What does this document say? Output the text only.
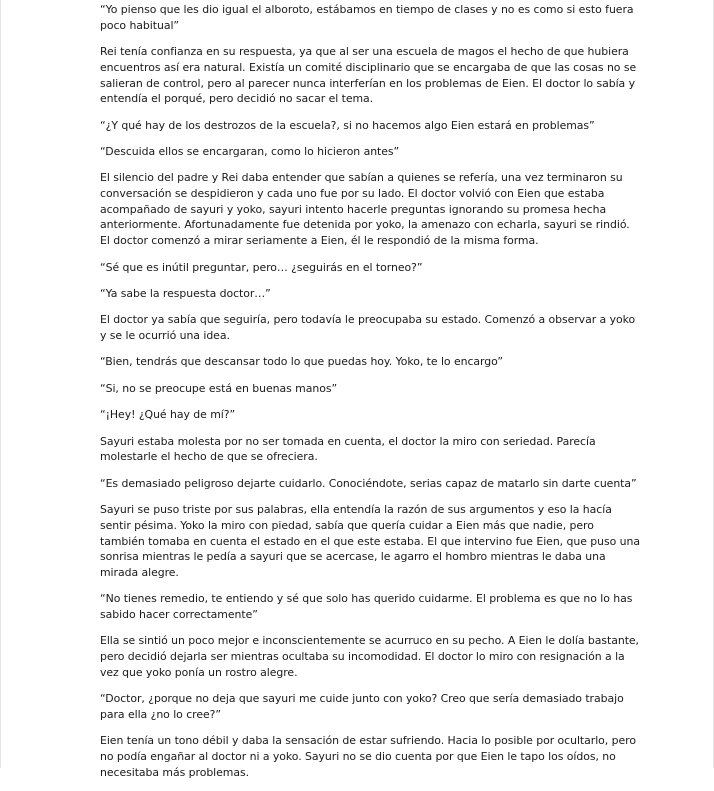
“Yo pienso que les dio igual el alboroto, estábamos en tiempo de clases y no es como si esto fuera poco habitual”

Rei tenía confianza en su respuesta, ya que al ser una escuela de magos el hecho de que hubiera encuentros así era natural. Existía un comité disciplinario que se encargaba de que las cosas no se salieran de control, pero al parecer nunca interferían en los problemas de Eien. El doctor lo sabía y entendía el porqué, pero decidió no sacar el tema.

“¿Y qué hay de los destrozos de la escuela?, si no hacemos algo Eien estará en problemas”

“Descuida ellos se encargaran, como lo hicieron antes”

El silencio del padre y Rei daba entender que sabían a quienes se refería, una vez terminaron su conversación se despidieron y cada uno fue por su lado. El doctor volvió con Eien que estaba acompañado de sayuri y yoko, sayuri intento hacerle preguntas ignorando su promesa hecha anteriormente. Afortunadamente fue detenida por yoko, la amenazo con echarla, sayuri se rindió. El doctor comenzó a mirar seriamente a Eien, él le respondió de la misma forma.

“Sé que es inútil preguntar, pero… ¿seguirás en el torneo?”

“Ya sabe la respuesta doctor…”

El doctor ya sabía que seguiría, pero todavía le preocupaba su estado. Comenzó a observar a yoko y se le ocurrió una idea.

“Bien, tendrás que descansar todo lo que puedas hoy. Yoko, te lo encargo”

“Si, no se preocupe está en buenas manos”

“¡Hey! ¿Qué hay de mí?”

Sayuri estaba molesta por no ser tomada en cuenta, el doctor la miro con seriedad. Parecía molestarle el hecho de que se ofreciera.

“Es demasiado peligroso dejarte cuidarlo. Conociéndote, serias capaz de matarlo sin darte cuenta”

Sayuri se puso triste por sus palabras, ella entendía la razón de sus argumentos y eso la hacía sentir pésima. Yoko la miro con piedad, sabía que quería cuidar a Eien más que nadie, pero también tomaba en cuenta el estado en el que este estaba. El que intervino fue Eien, que puso una sonrisa mientras le pedía a sayuri que se acercase, le agarro el hombro mientras le daba una mirada alegre.

“No tienes remedio, te entiendo y sé que solo has querido cuidarme. El problema es que no lo has sabido hacer correctamente”

Ella se sintió un poco mejor e inconscientemente se acurruco en su pecho. A Eien le dolía bastante, pero decidió dejarla ser mientras ocultaba su incomodidad. El doctor lo miro con resignación a la vez que yoko ponía un rostro alegre.

“Doctor, ¿porque no deja que sayuri me cuide junto con yoko? Creo que sería demasiado trabajo para ella ¿no lo cree?”

Eien tenía un tono débil y daba la sensación de estar sufriendo. Hacia lo posible por ocultarlo, pero no podía engañar al doctor ni a yoko. Sayuri no se dio cuenta por que Eien le tapo los oídos, no necesitaba más problemas.
